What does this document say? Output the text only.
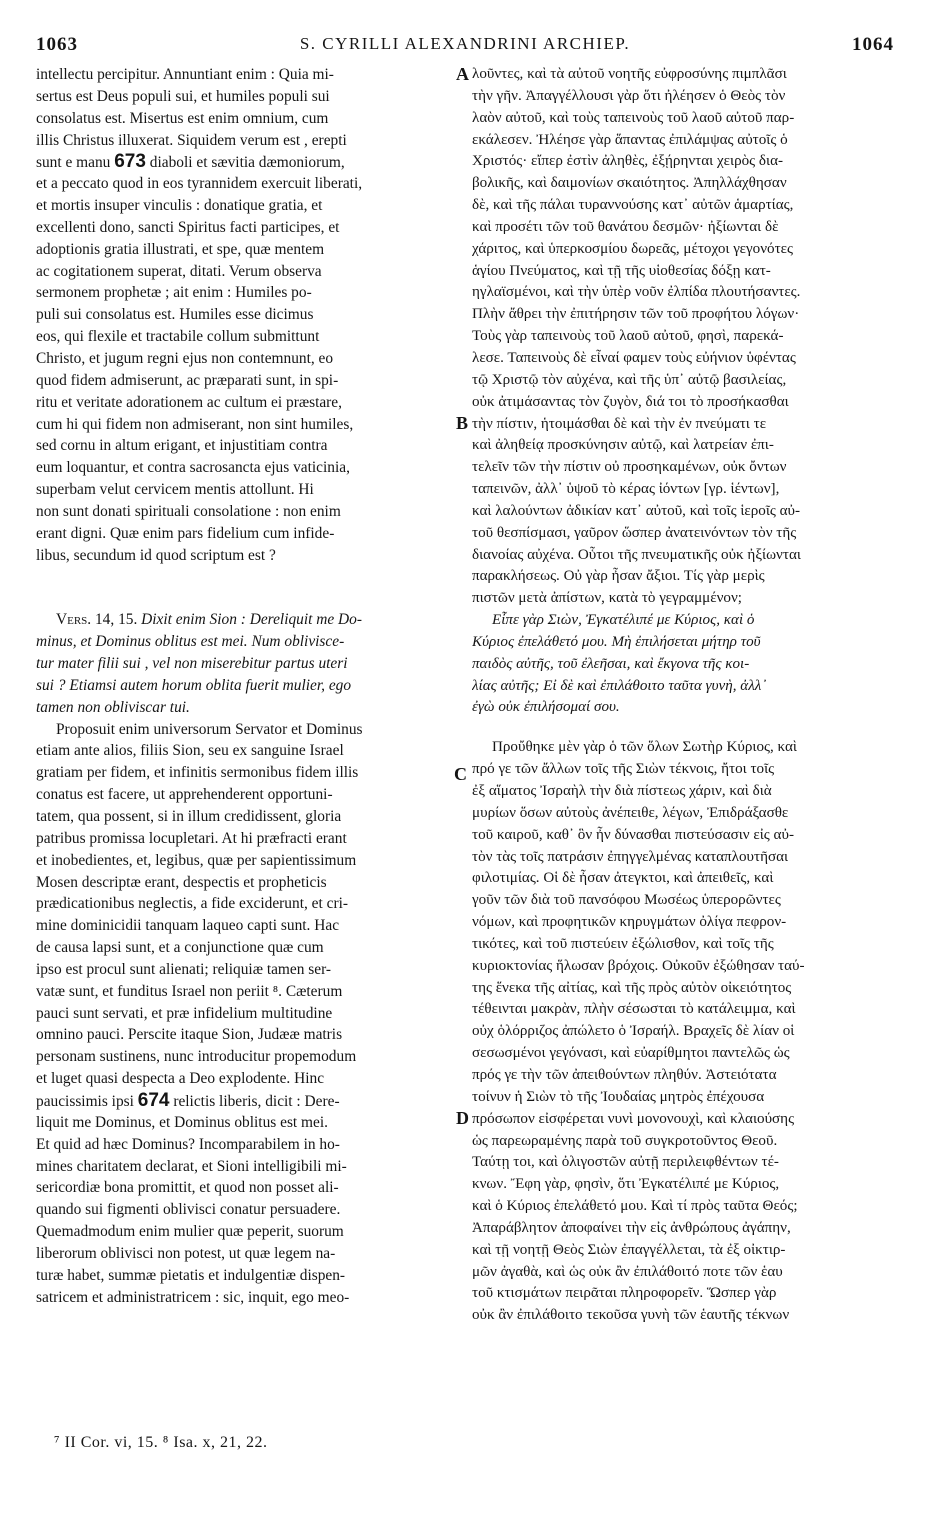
1063	S. CYRILLI ALEXANDRINI ARCHIEP.	1064
A
B
C
D
intellectu percipitur. Annuntiant enim : Quia mi-
sertus est Deus populi sui, et humiles populi sui
consolatus est. Misertus est enim omnium, cum
illis Christus illuxerat. Siquidem verum est , erepti
sunt e manu 673 diaboli et sævitia dæmoniorum,
et a peccato quod in eos tyrannidem exercuit liberati,
et mortis insuper vinculis : donatique gratia, et
excellenti dono, sancti Spiritus facti participes, et
adoptionis gratia illustrati, et spe, quæ mentem
ac cogitationem superat, ditati. Verum observa
sermonem prophetæ ; ait enim : Humiles po-
puli sui consolatus est. Humiles esse dicimus
eos, qui flexile et tractabile collum submittunt
Christo, et jugum regni ejus non contemnunt, eo
quod fidem admiserunt, ac præparati sunt, in spi-
ritu et veritate adorationem ac cultum ei præstare,
cum hi qui fidem non admiserant, non sint humiles,
sed cornu in altum erigant, et injustitiam contra
eum loquantur, et contra sacrosancta ejus vaticinia,
superbam velut cervicem mentis attollunt. Hi
non sunt donati spirituali consolatione : non enim
erant digni. Quæ enim pars fidelium cum infide-
libus, secundum id quod scriptum est ?
Vers. 14, 15. Dixit enim Sion : Dereliquit me Do-
minus, et Dominus oblitus est mei. Num oblivisce-
tur mater filii sui , vel non miserebitur partus uteri
sui ? Etiamsi autem horum oblita fuerit mulier, ego
tamen non obliviscar tui.
Proposuit enim universorum Servator et Dominus
etiam ante alios, filiis Sion, seu ex sanguine Israel
gratiam per fidem, et infinitis sermonibus fidem illis
conatus est facere, ut apprehenderent opportuni-
tatem, qua possent, si in illum credidissent, gloria
patribus promissa locupletari. At hi præfracti erant
et inobedientes, et, legibus, quæ per sapientissimum
Mosen descriptæ erant, despectis et propheticis
prædicationibus neglectis, a fide exciderunt, et cri-
mine dominicidii tanquam laqueo capti sunt. Hac
de causa lapsi sunt, et a conjunctione quæ cum
ipso est procul sunt alienati; reliquiæ tamen ser-
vatæ sunt, et funditus Israel non periit ⁸. Cæterum
pauci sunt servati, et præ infidelium multitudine
omnino pauci. Perscite itaque Sion, Judææ matris
personam sustinens, nunc introducitur propemodum
et luget quasi despecta a Deo explodente. Hinc
paucissimis ipsi 674 relictis liberis, dicit : Dere-
liquit me Dominus, et Dominus oblitus est mei.
Et quid ad hæc Dominus? Incomparabilem in ho-
mines charitatem declarat, et Sioni intelligibili mi-
sericordiæ bona promittit, et quod non posset ali-
quando sui figmenti oblivisci conatur persuadere.
Quemadmodum enim mulier quæ peperit, suorum
liberorum oblivisci non potest, ut quæ legem na-
turæ habet, summæ pietatis et indulgentiæ dispen-
satricem et administratricem : sic, inquit, ego meo-
λοῦντες, καὶ τὰ αὐτοῦ νοητῆς εὐφροσύνης πιμπλᾶσι
τὴν γῆν. Ἀπαγγέλλουσι γὰρ ὅτι ἠλέησεν ὁ Θεὸς τὸν
λαὸν αὐτοῦ, καὶ τοὺς ταπεινοὺς τοῦ λαοῦ αὐτοῦ παρ-
εκάλεσεν. Ἠλέησε γὰρ ἅπαντας ἐπιλάμψας αὐτοῖς ὁ
Χριστός· εἴπερ ἐστὶν ἀληθὲς, ἐξῄρηνται χειρὸς δια-
βολικῆς, καὶ δαιμονίων σκαιότητος. Ἀπηλλάχθησαν
δὲ, καὶ τῆς πάλαι τυραννούσης κατ᾽ αὐτῶν ἁμαρτίας,
καὶ προσέτι τῶν τοῦ θανάτου δεσμῶν· ἠξίωνται δὲ
χάριτος, καὶ ὑπερκοσμίου δωρεᾶς, μέτοχοι γεγονότες
ἁγίου Πνεύματος, καὶ τῇ τῆς υἱοθεσίας δόξῃ κατ-
ηγλαϊσμένοι, καὶ τὴν ὑπὲρ νοῦν ἐλπίδα πλουτήσαντες.
Πλὴν ἄθρει τὴν ἐπιτήρησιν τῶν τοῦ προφήτου λόγων·
Τοὺς γὰρ ταπεινοὺς τοῦ λαοῦ αὐτοῦ, φησὶ, παρεκά-
λεσε. Ταπεινοὺς δὲ εἶναί φαμεν τοὺς εὐήνιον ὑφέντας
τῷ Χριστῷ τὸν αὐχένα, καὶ τῆς ὑπ᾽ αὐτῷ βασιλείας,
οὐκ ἀτιμάσαντας τὸν ζυγὸν, διά τοι τὸ προσήκασθαι
τὴν πίστιν, ἡτοιμάσθαι δὲ καὶ τὴν ἐν πνεύματι τε
καὶ ἀληθείᾳ προσκύνησιν αὐτῷ, καὶ λατρείαν ἐπι-
τελεῖν τῶν τὴν πίστιν οὐ προσηκαμένων, οὐκ ὄντων
ταπεινῶν, ἀλλ᾽ ὑψοῦ τὸ κέρας ἰόντων [γρ. ἱέντων],
καὶ λαλούντων ἀδικίαν κατ᾽ αὐτοῦ, καὶ τοῖς ἱεροῖς αὐ-
τοῦ θεσπίσμασι, γαῦρον ὥσπερ ἀνατεινόντων τὸν τῆς
διανοίας αὐχένα. Οὗτοι τῆς πνευματικῆς οὐκ ἠξίωνται
παρακλήσεως. Οὐ γὰρ ἦσαν ἄξιοι. Τίς γὰρ μερὶς
πιστῶν μετὰ ἀπίστων, κατὰ τὸ γεγραμμένον;
Εἶπε γὰρ Σιὼν, Ἐγκατέλιπέ με Κύριος, καὶ ὁ
Κύριος ἐπελάθετό μου. Μὴ ἐπιλήσεται μήτηρ τοῦ
παιδὸς αὐτῆς, τοῦ ἐλεῆσαι, καὶ ἔκγονα τῆς κοι-
λίας αὐτῆς; Εἰ δὲ καὶ ἐπιλάθοιτο ταῦτα γυνὴ, ἀλλ᾽
ἐγὼ οὐκ ἐπιλήσομαί σου.
Προὔθηκε μὲν γὰρ ὁ τῶν ὅλων Σωτὴρ Κύριος, καὶ
πρό γε τῶν ἄλλων τοῖς τῆς Σιὼν τέκνοις, ἤτοι τοῖς
ἐξ αἵματος Ἰσραὴλ τὴν διὰ πίστεως χάριν, καὶ διὰ
μυρίων ὅσων αὐτοὺς ἀνέπειθε, λέγων, Ἐπιδράξασθε
τοῦ καιροῦ, καθ᾽ ὃν ἦν δύνασθαι πιστεύσασιν εἰς αὐ-
τὸν τὰς τοῖς πατράσιν ἐπηγγελμένας καταπλουτῆσαι
φιλοτιμίας. Οἱ δὲ ἦσαν ἀτεγκτοι, καὶ ἀπειθεῖς, καὶ
γοῦν τῶν διὰ τοῦ πανσόφου Μωσέως ὑπερορῶντες
νόμων, καὶ προφητικῶν κηρυγμάτων ὀλίγα πεφρον-
τικότες, καὶ τοῦ πιστεύειν ἐξώλισθον, καὶ τοῖς τῆς
κυριοκτονίας ἥλωσαν βρόχοις. Οὐκοῦν ἐξώθησαν ταύ-
της ἕνεκα τῆς αἰτίας, καὶ τῆς πρὸς αὐτὸν οἰκειότητος
τέθεινται μακρὰν, πλὴν σέσωσται τὸ κατάλειμμα, καὶ
οὐχ ὁλόρριζος ἀπώλετο ὁ Ἰσραήλ. Βραχεῖς δὲ λίαν οἱ
σεσωσμένοι γεγόνασι, καὶ εὐαρίθμητοι παντελῶς ὡς
πρός γε τὴν τῶν ἀπειθούντων πληθύν. Ἀστειότατα
τοίνυν ἡ Σιὼν τὸ τῆς Ἰουδαίας μητρὸς ἐπέχουσα
πρόσωπον εἰσφέρεται νυνὶ μονονουχὶ, καὶ κλαιούσης
ὡς παρεωραμένης παρὰ τοῦ συγκροτοῦντος Θεοῦ.
Ταύτῃ τοι, καὶ ὀλιγοστῶν αὐτῇ περιλειφθέντων τέ-
κνων. Ἔφη γὰρ, φησὶν, ὅτι Ἐγκατέλιπέ με Κύριος,
καὶ ὁ Κύριος ἐπελάθετό μου. Καὶ τί πρὸς ταῦτα Θεός;
Ἀπαράβλητον ἀποφαίνει τὴν εἰς ἀνθρώπους ἀγάπην,
καὶ τῇ νοητῇ Θεὸς Σιὼν ἐπαγγέλλεται, τὰ ἐξ οἰκτιρ-
μῶν ἀγαθὰ, καὶ ὡς οὐκ ἂν ἐπιλάθοιτό ποτε τῶν ἑαυ
τοῦ κτισμάτων πειρᾶται πληροφορεῖν. Ὥσπερ γὰρ
οὐκ ἂν ἐπιλάθοιτο τεκοῦσα γυνὴ τῶν ἑαυτῆς τέκνων
⁷ II Cor. vi, 15. ⁸ Isa. x, 21, 22.
